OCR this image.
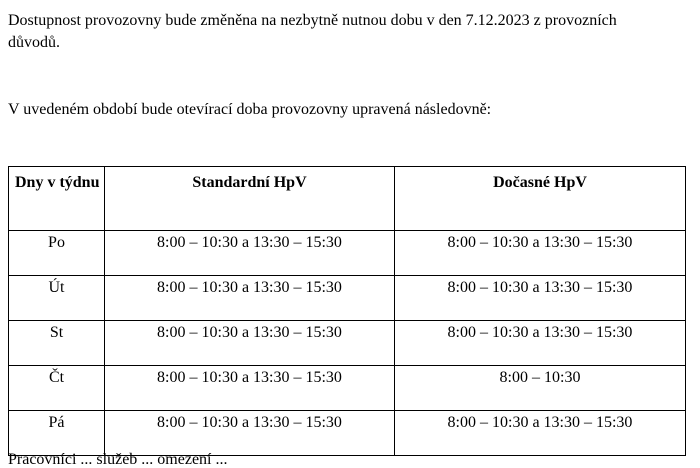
Dostupnost provozovny bude změněna na nezbytně nutnou dobu v den 7.12.2023 z provozních důvodů.

V uvedeném období bude otevírací doba provozovny upravená následovně:

Dny v týdnu	Standardní HpV	Dočasné HpV
Po	8:00 – 10:30 a 13:30 – 15:30	8:00 – 10:30 a 13:30 – 15:30
Út	8:00 – 10:30 a 13:30 – 15:30	8:00 – 10:30 a 13:30 – 15:30
St	8:00 – 10:30 a 13:30 – 15:30	8:00 – 10:30 a 13:30 – 15:30
Čt	8:00 – 10:30 a 13:30 – 15:30	8:00 – 10:30
Pá	8:00 – 10:30 a 13:30 – 15:30	8:00 – 10:30 a 13:30 – 15:30

Pracovníci ... služeb ... omezení ...
